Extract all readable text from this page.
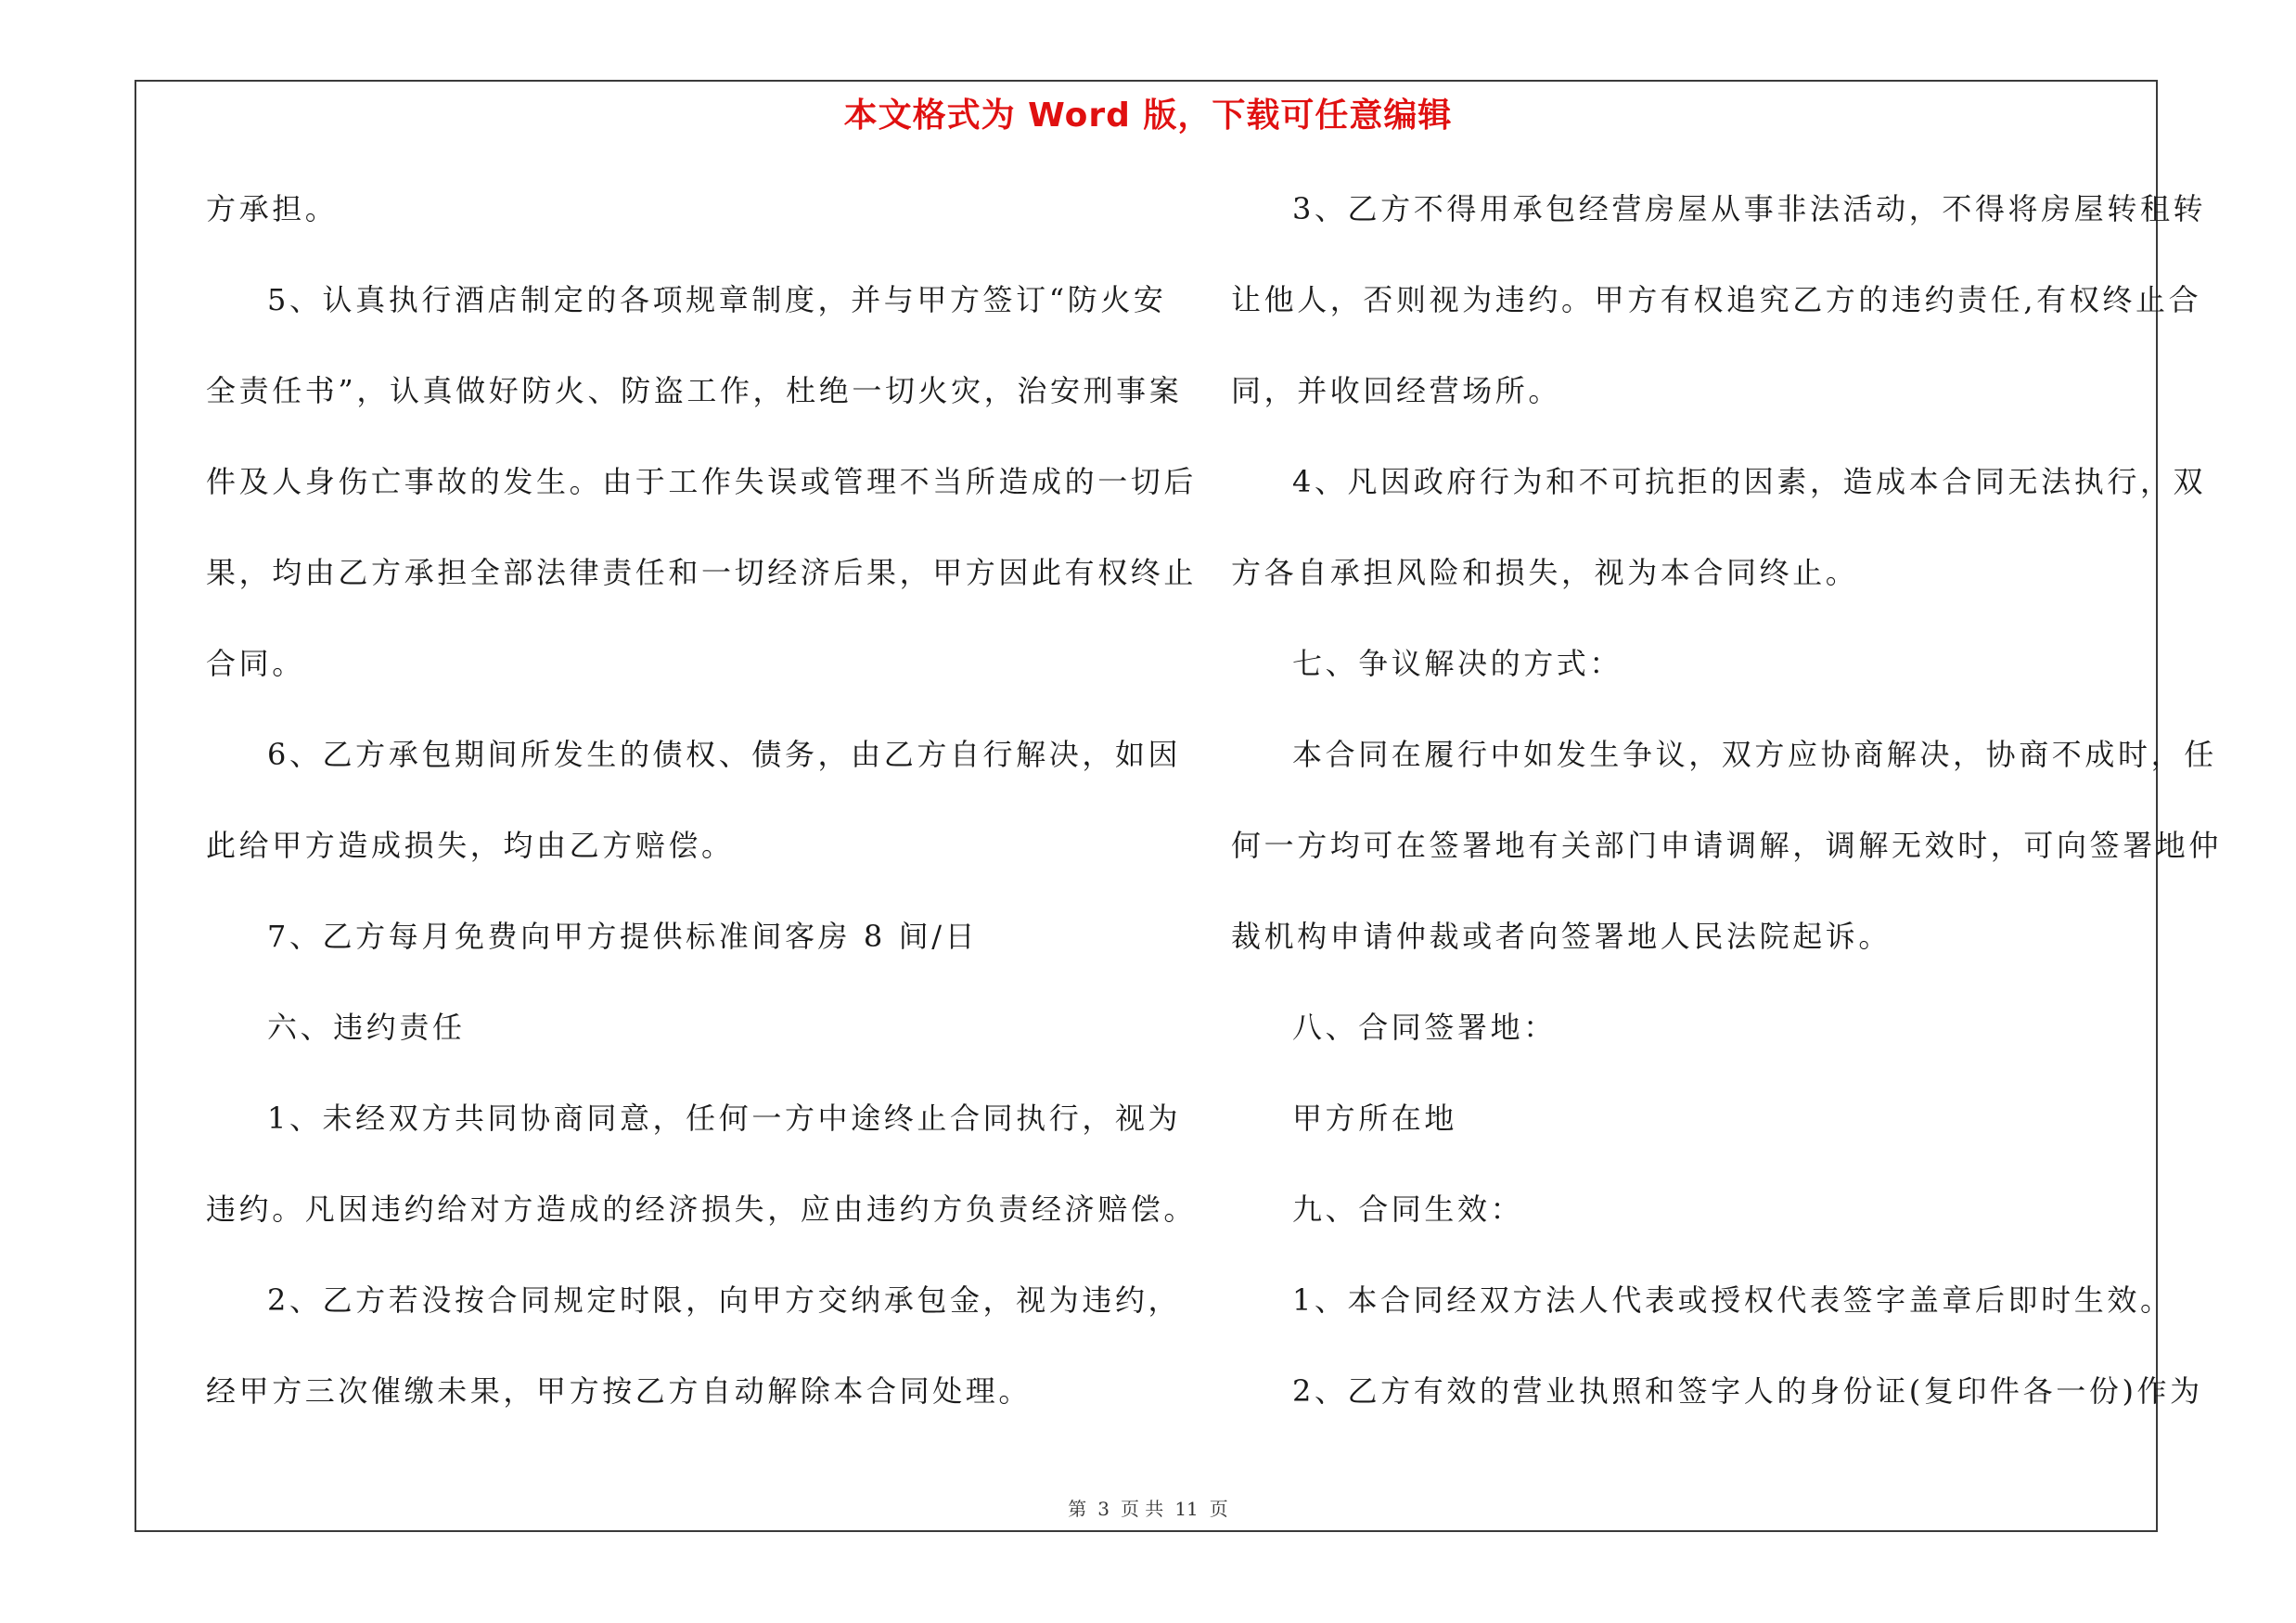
本文格式为 Word 版，下载可任意编辑
方承担。
5、认真执行酒店制定的各项规章制度，并与甲方签订“防火安
全责任书”，认真做好防火、防盗工作，杜绝一切火灾，治安刑事案
件及人身伤亡事故的发生。由于工作失误或管理不当所造成的一切后
果，均由乙方承担全部法律责任和一切经济后果，甲方因此有权终止
合同。
6、乙方承包期间所发生的债权、债务，由乙方自行解决，如因
此给甲方造成损失，均由乙方赔偿。
7、乙方每月免费向甲方提供标准间客房 8 间/日
六、违约责任
1、未经双方共同协商同意，任何一方中途终止合同执行，视为
违约。凡因违约给对方造成的经济损失，应由违约方负责经济赔偿。
2、乙方若没按合同规定时限，向甲方交纳承包金，视为违约，
经甲方三次催缴未果，甲方按乙方自动解除本合同处理。
3、乙方不得用承包经营房屋从事非法活动，不得将房屋转租转
让他人，否则视为违约。甲方有权追究乙方的违约责任,有权终止合
同，并收回经营场所。
4、凡因政府行为和不可抗拒的因素，造成本合同无法执行，双
方各自承担风险和损失，视为本合同终止。
七、争议解决的方式：
本合同在履行中如发生争议，双方应协商解决，协商不成时，任
何一方均可在签署地有关部门申请调解，调解无效时，可向签署地仲
裁机构申请仲裁或者向签署地人民法院起诉。
八、合同签署地：
甲方所在地
九、合同生效：
1、本合同经双方法人代表或授权代表签字盖章后即时生效。
2、乙方有效的营业执照和签字人的身份证(复印件各一份)作为
第 3 页 共 11 页
